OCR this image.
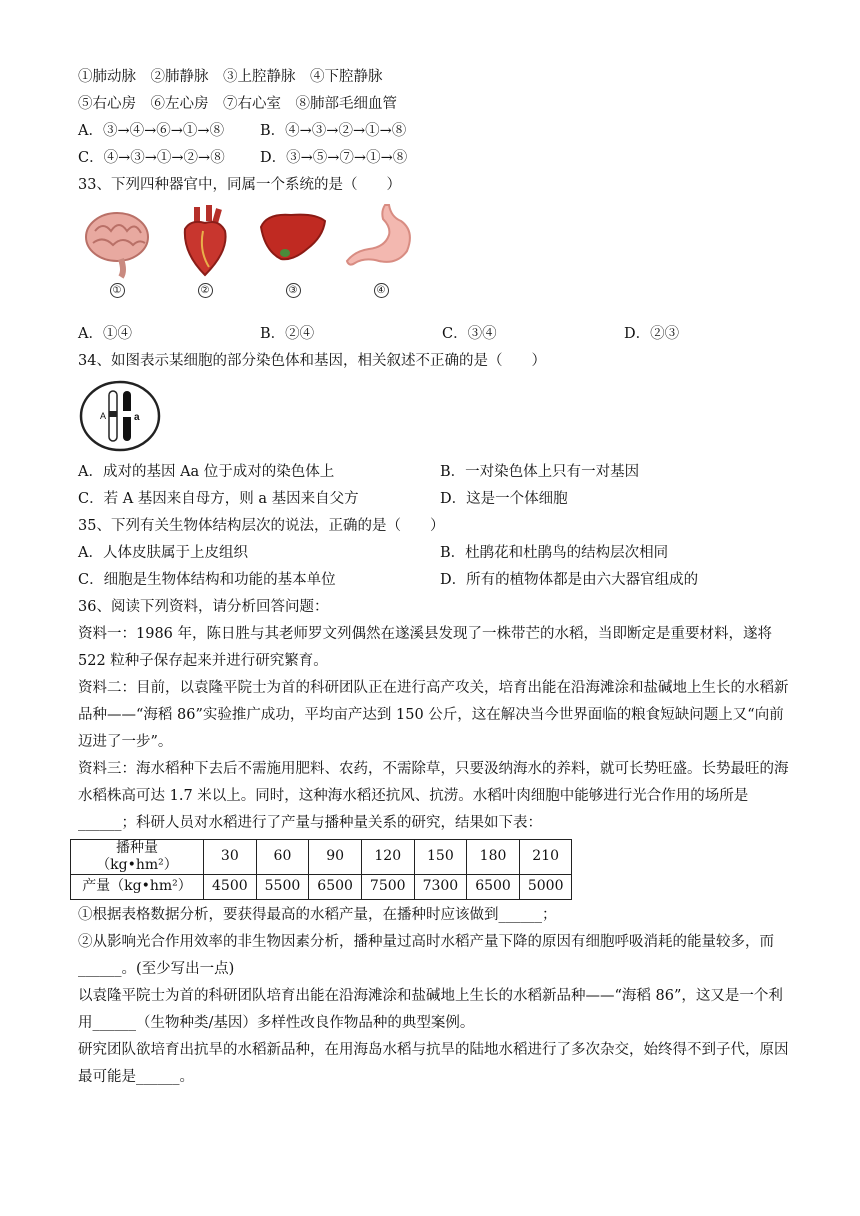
①肺动脉　②肺静脉　③上腔静脉　④下腔静脉
⑤右心房　⑥左心房　⑦右心室　⑧肺部毛细血管
A．③→④→⑥→①→⑧	B．④→③→②→①→⑧
C．④→③→①→②→⑧	D．③→⑤→⑦→①→⑧
33、下列四种器官中，同属一个系统的是（　　）
①	②	③	④
A．①④	B．②④	C．③④	D．②③
34、如图表示某细胞的部分染色体和基因，相关叙述不正确的是（　　）
A	a
A．成对的基因 Aa 位于成对的染色体上	B．一对染色体上只有一对基因
C．若 A 基因来自母方，则 a 基因来自父方	D．这是一个体细胞
35、下列有关生物体结构层次的说法，正确的是（　　）
A．人体皮肤属于上皮组织	B．杜鹃花和杜鹃鸟的结构层次相同
C．细胞是生物体结构和功能的基本单位	D．所有的植物体都是由六大器官组成的
36、阅读下列资料，请分析回答问题：
资料一：1986 年，陈日胜与其老师罗文列偶然在遂溪县发现了一株带芒的水稻，当即断定是重要材料，遂将 522 粒种子保存起来并进行研究繁育。
资料二：目前，以袁隆平院士为首的科研团队正在进行高产攻关，培育出能在沿海滩涂和盐碱地上生长的水稻新品种——“海稻 86”实验推广成功，平均亩产达到 150 公斤，这在解决当今世界面临的粮食短缺问题上又“向前迈进了一步”。
资料三：海水稻种下去后不需施用肥料、农药，不需除草，只要汲纳海水的养料，就可长势旺盛。长势最旺的海水稻株高可达 1.7 米以上。同时，这种海水稻还抗风、抗涝。水稻叶肉细胞中能够进行光合作用的场所是______；科研人员对水稻进行了产量与播种量关系的研究，结果如下表：
播种量（kg•hm²）	30	60	90	120	150	180	210
产量（kg•hm²）	4500	5500	6500	7500	7300	6500	5000
①根据表格数据分析，要获得最高的水稻产量，在播种时应该做到______；
②从影响光合作用效率的非生物因素分析，播种量过高时水稻产量下降的原因有细胞呼吸消耗的能量较多，而______。(至少写出一点)
以袁隆平院士为首的科研团队培育出能在沿海滩涂和盐碱地上生长的水稻新品种——“海稻 86”，这又是一个利用______（生物种类/基因）多样性改良作物品种的典型案例。
研究团队欲培育出抗旱的水稻新品种，在用海岛水稻与抗旱的陆地水稻进行了多次杂交，始终得不到子代，原因最可能是______。
